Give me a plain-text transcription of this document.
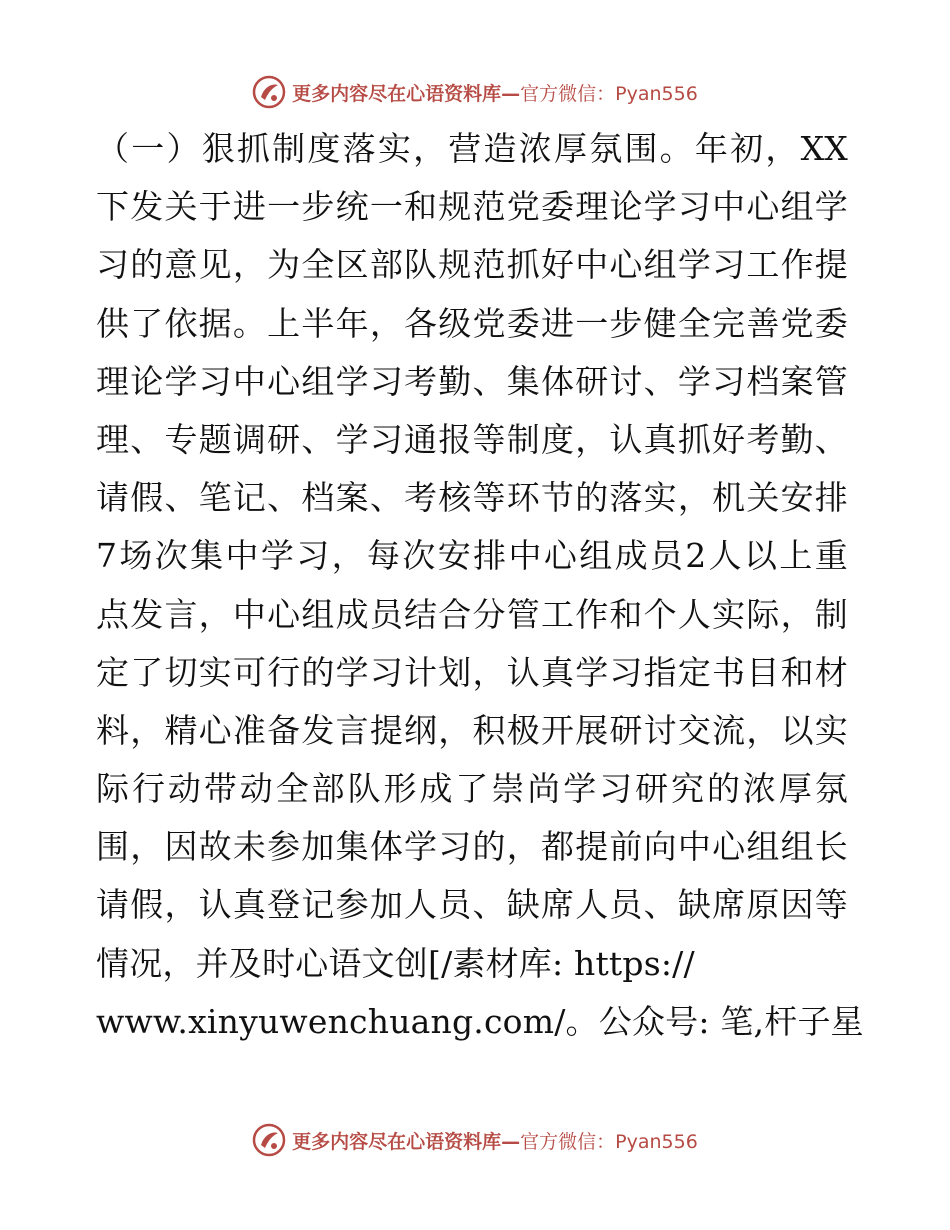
更多内容尽在心语资料库—官方微信：Pyan556
（一）狠抓制度落实，营造浓厚氛围。年初，XX
下发关于进一步统一和规范党委理论学习中心组学
习的意见，为全区部队规范抓好中心组学习工作提
供了依据。上半年，各级党委进一步健全完善党委
理论学习中心组学习考勤、集体研讨、学习档案管
理、专题调研、学习通报等制度，认真抓好考勤、
请假、笔记、档案、考核等环节的落实，机关安排
7场次集中学习，每次安排中心组成员2人以上重
点发言，中心组成员结合分管工作和个人实际，制
定了切实可行的学习计划，认真学习指定书目和材
料，精心准备发言提纲，积极开展研讨交流，以实
际行动带动全部队形成了崇尚学习研究的浓厚氛
围，因故未参加集体学习的，都提前向中心组组长
请假，认真登记参加人员、缺席人员、缺席原因等
情况，并及时心语文创[/素材库: https://
www.xinyuwenchuang.com/。公众号: 笔,杆子星
更多内容尽在心语资料库—官方微信：Pyan556
